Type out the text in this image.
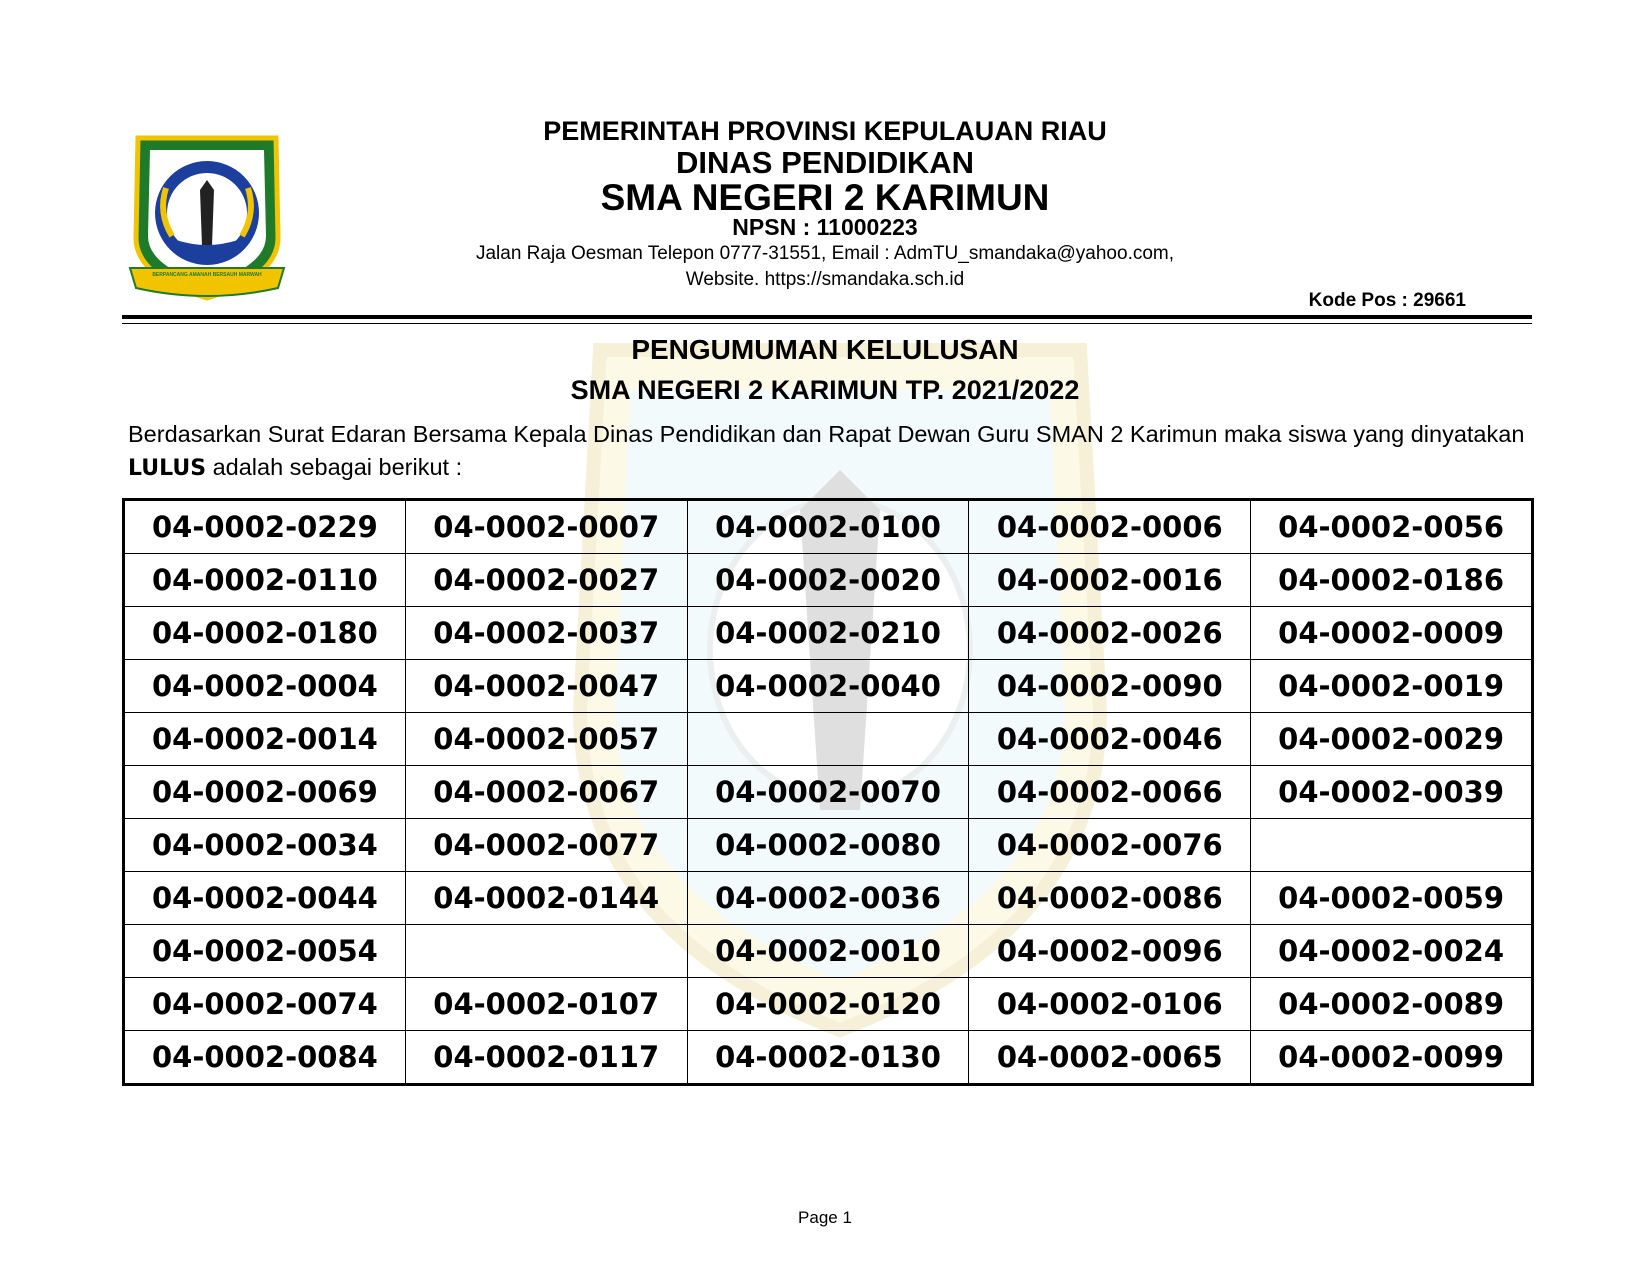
PROVINSI KEPULAUAN RIAU
BERPANCANG AMANAH BERSAUH MARWAH
PEMERINTAH PROVINSI KEPULAUAN RIAU
DINAS PENDIDIKAN
SMA NEGERI 2 KARIMUN
NPSN : 11000223
Jalan Raja Oesman Telepon 0777-31551, Email : AdmTU_smandaka@yahoo.com,
Website. https://smandaka.sch.id
Kode Pos : 29661
PENGUMUMAN KELULUSAN
SMA NEGERI 2 KARIMUN TP. 2021/2022
Berdasarkan Surat Edaran Bersama Kepala Dinas Pendidikan dan Rapat Dewan Guru SMAN 2 Karimun maka siswa yang dinyatakan LULUS adalah sebagai berikut :
04-0002-0229	04-0002-0007	04-0002-0100	04-0002-0006	04-0002-0056
04-0002-0110	04-0002-0027	04-0002-0020	04-0002-0016	04-0002-0186
04-0002-0180	04-0002-0037	04-0002-0210	04-0002-0026	04-0002-0009
04-0002-0004	04-0002-0047	04-0002-0040	04-0002-0090	04-0002-0019
04-0002-0014	04-0002-0057		04-0002-0046	04-0002-0029
04-0002-0069	04-0002-0067	04-0002-0070	04-0002-0066	04-0002-0039
04-0002-0034	04-0002-0077	04-0002-0080	04-0002-0076	
04-0002-0044	04-0002-0144	04-0002-0036	04-0002-0086	04-0002-0059
04-0002-0054		04-0002-0010	04-0002-0096	04-0002-0024
04-0002-0074	04-0002-0107	04-0002-0120	04-0002-0106	04-0002-0089
04-0002-0084	04-0002-0117	04-0002-0130	04-0002-0065	04-0002-0099
Page 1
